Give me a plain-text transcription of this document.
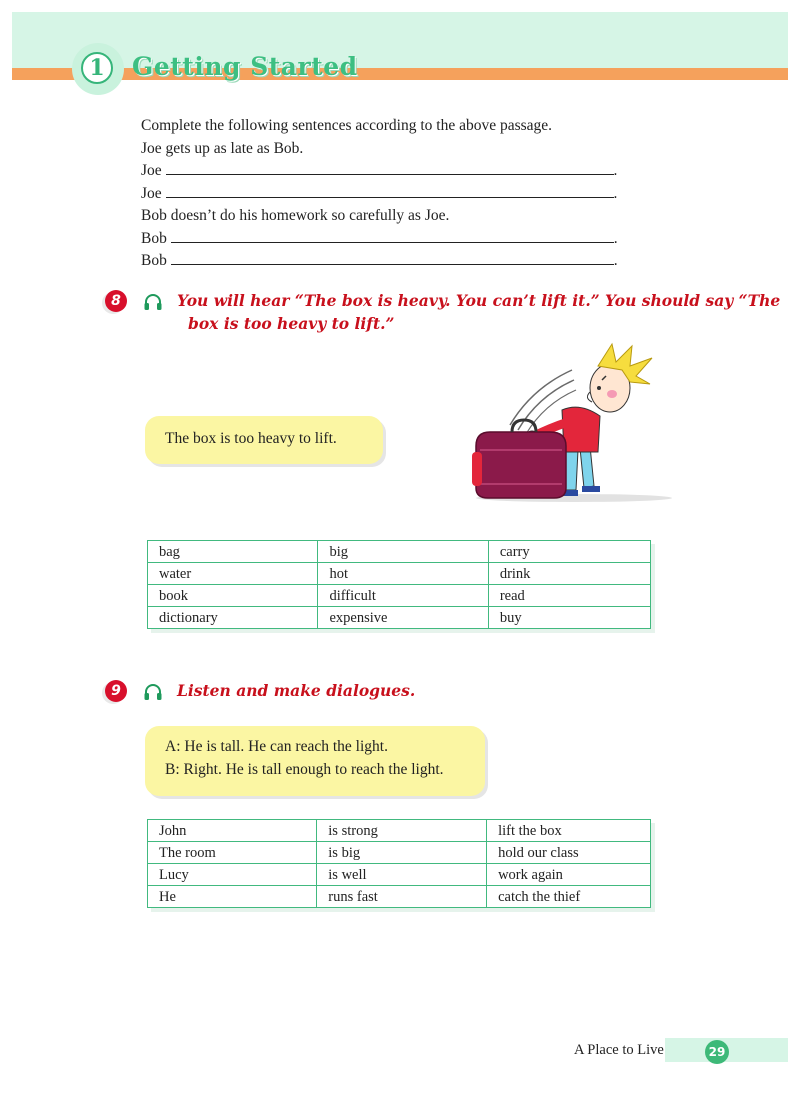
1	Getting Started
Complete the following sentences according to the above passage.
Joe gets up as late as Bob.
Joe	.
Joe	.
Bob doesn’t do his homework so carefully as Joe.
Bob	.
Bob	.
8	You will hear “The box is heavy. You can’t lift it.” You should say “The
box is too heavy to lift.”
The box is too heavy to lift.
bag	big	carry
water	hot	drink
book	difficult	read
dictionary	expensive	buy
9	Listen and make dialogues.
A: He is tall. He can reach the light.
B: Right. He is tall enough to reach the light.
John	is strong	lift the box
The room	is big	hold our class
Lucy	is well	work again
He	runs fast	catch the thief
A Place to Live	29
